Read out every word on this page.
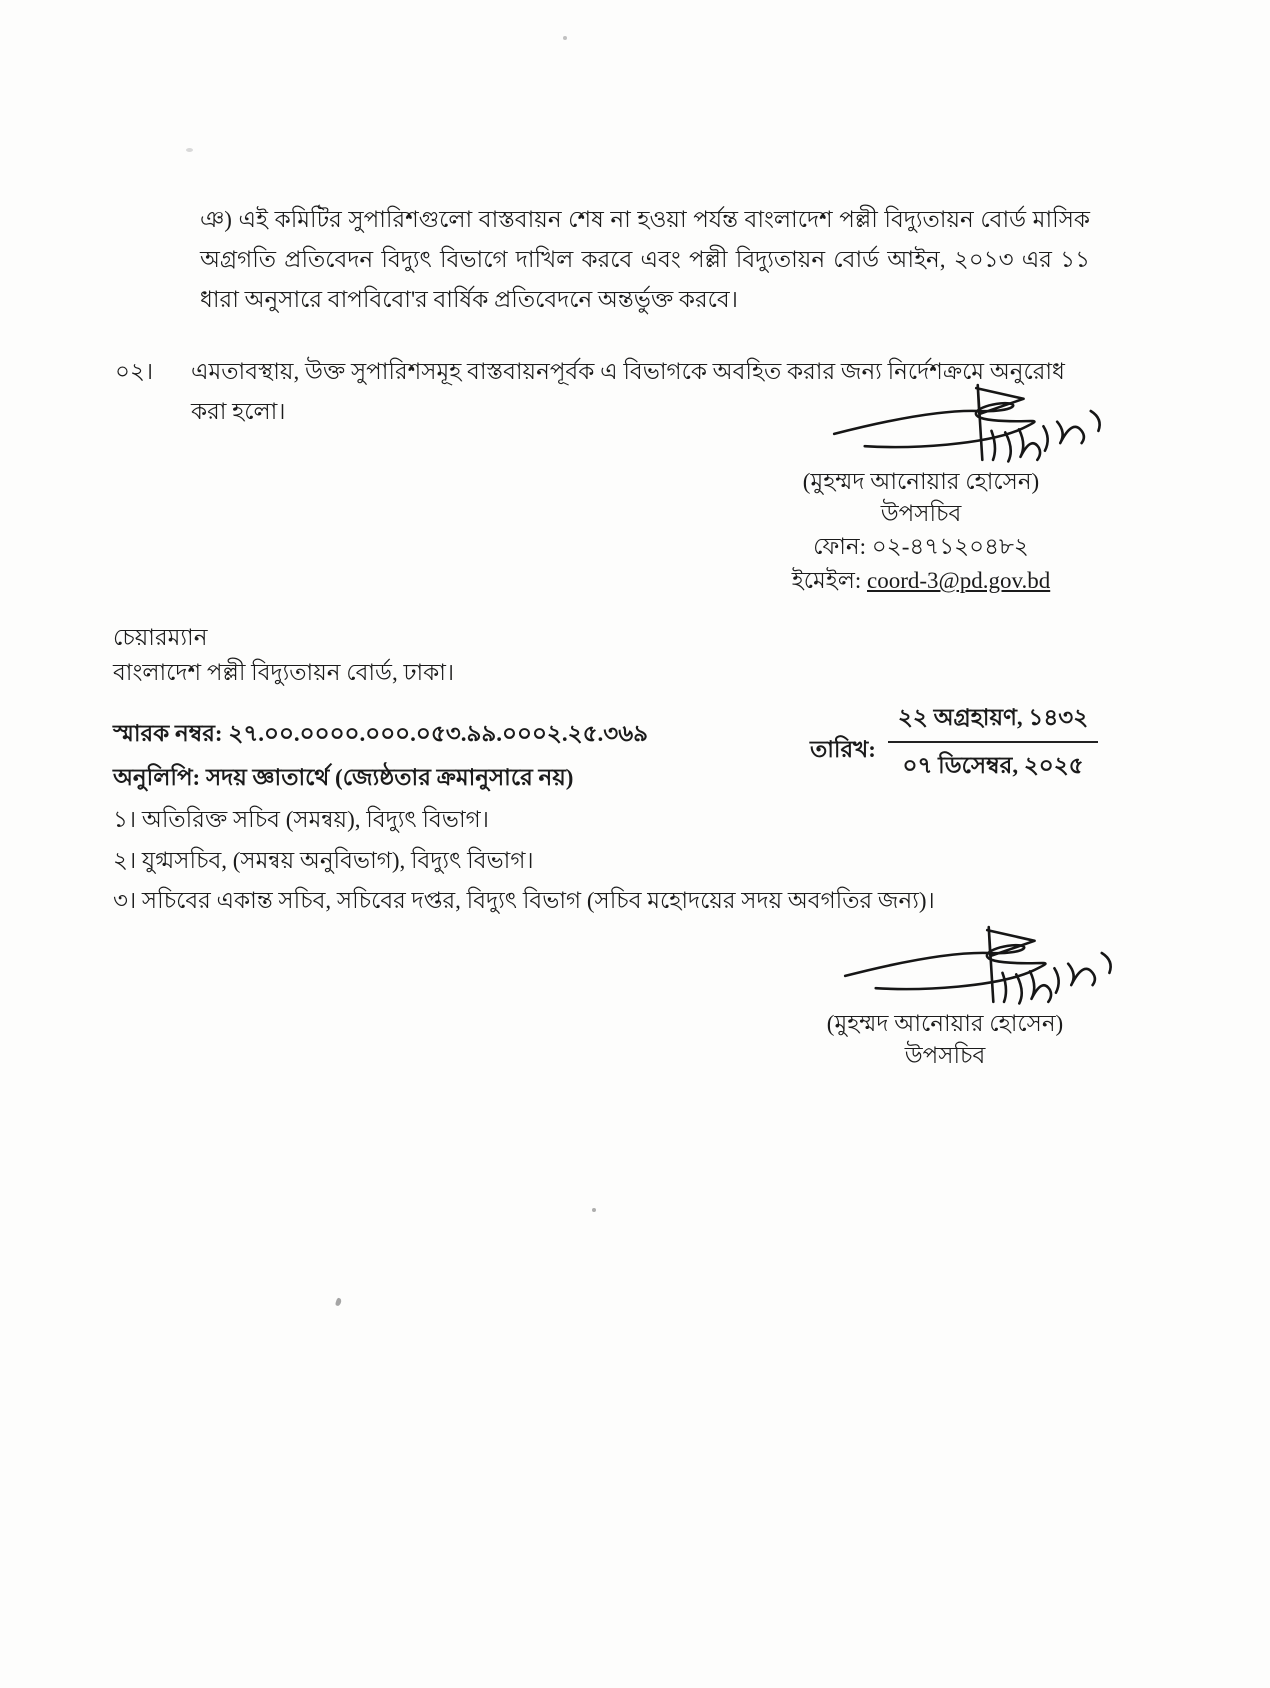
ঞ) এই কমিটির সুপারিশগুলো বাস্তবায়ন শেষ না হওয়া পর্যন্ত বাংলাদেশ পল্লী বিদ্যুতায়ন বোর্ড মাসিক অগ্রগতি প্রতিবেদন বিদ্যুৎ বিভাগে দাখিল করবে এবং পল্লী বিদ্যুতায়ন বোর্ড আইন, ২০১৩ এর ১১ ধারা অনুসারে বাপবিবো'র বার্ষিক প্রতিবেদনে অন্তর্ভুক্ত করবে।
০২।	এমতাবস্থায়, উক্ত সুপারিশসমূহ বাস্তবায়নপূর্বক এ বিভাগকে অবহিত করার জন্য নির্দেশক্রমে অনুরোধ করা হলো।
(মুহম্মদ আনোয়ার হোসেন)
উপসচিব
ফোন: ০২-৪৭১২০৪৮২
ইমেইল: coord-3@pd.gov.bd
চেয়ারম্যান
বাংলাদেশ পল্লী বিদ্যুতায়ন বোর্ড, ঢাকা।
স্মারক নম্বর: ২৭.০০.০০০০.০০০.০৫৩.৯৯.০০০২.২৫.৩৬৯
তারিখ:
২২ অগ্রহায়ণ, ১৪৩২
০৭ ডিসেম্বর, ২০২৫
অনুলিপি: সদয় জ্ঞাতার্থে (জ্যেষ্ঠতার ক্রমানুসারে নয়)
১। অতিরিক্ত সচিব (সমন্বয়), বিদ্যুৎ বিভাগ।
২। যুগ্মসচিব, (সমন্বয় অনুবিভাগ), বিদ্যুৎ বিভাগ।
৩। সচিবের একান্ত সচিব, সচিবের দপ্তর, বিদ্যুৎ বিভাগ (সচিব মহোদয়ের সদয় অবগতির জন্য)।
(মুহম্মদ আনোয়ার হোসেন)
উপসচিব
